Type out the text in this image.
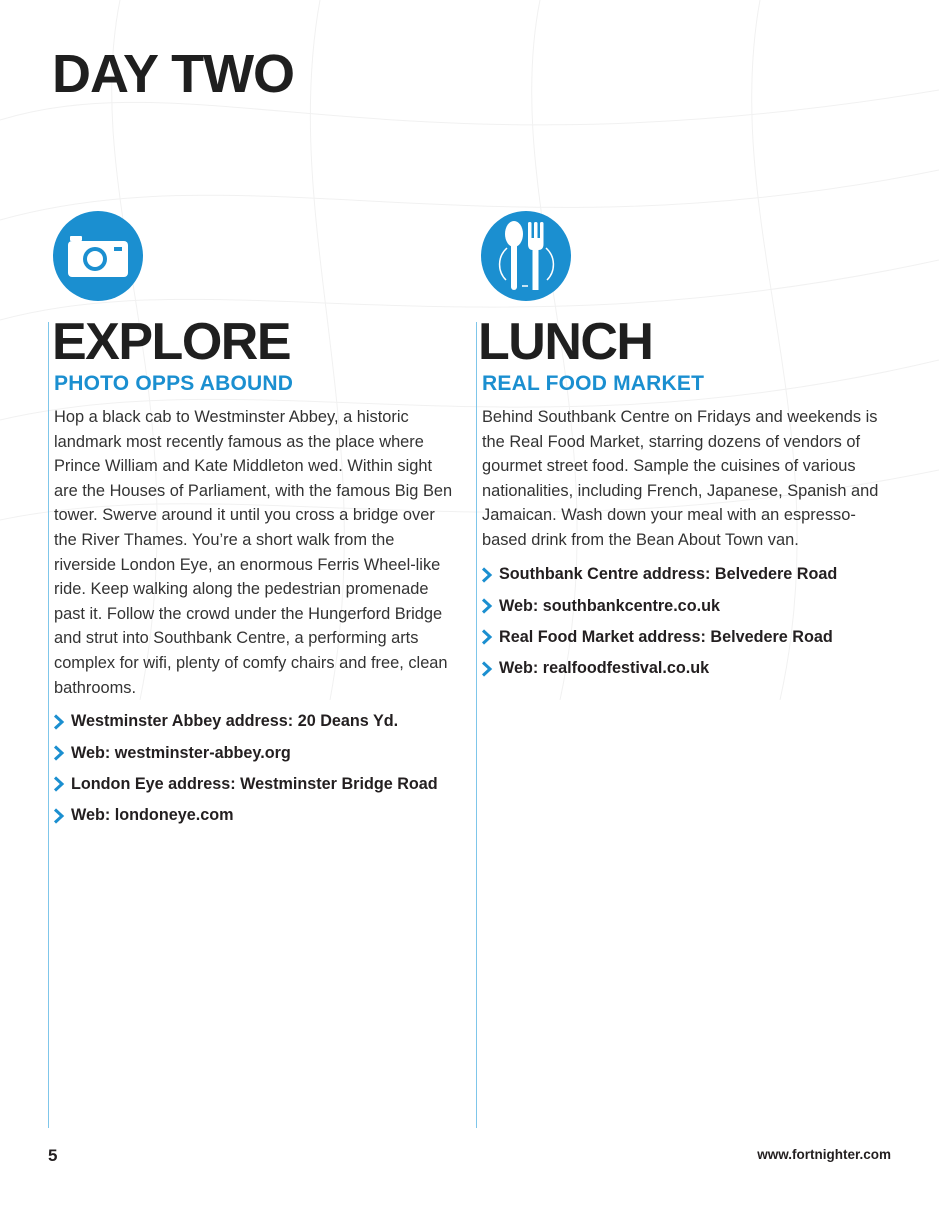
DAY TWO
EXPLORE
PHOTO OPPS ABOUND

Hop a black cab to Westminster Abbey, a historic landmark most recently famous as the place where Prince William and Kate Middleton wed. Within sight are the Houses of Parliament, with the famous Big Ben tower. Swerve around it until you cross a bridge over the River Thames. You’re a short walk from the riverside London Eye, an enormous Ferris Wheel-like ride. Keep walking along the pedestrian promenade past it. Follow the crowd under the Hungerford Bridge and strut into Southbank Centre, a performing arts complex for wifi, plenty of comfy chairs and free, clean bathrooms.

Westminster Abbey address: 20 Deans Yd.
Web: westminster-abbey.org
London Eye address: Westminster Bridge Road
Web: londoneye.com
LUNCH
REAL FOOD MARKET

Behind Southbank Centre on Fridays and weekends is the Real Food Market, starring dozens of vendors of gourmet street food. Sample the cuisines of various nationalities, including French, Japanese, Spanish and Jamaican. Wash down your meal with an espresso-based drink from the Bean About Town van.

Southbank Centre address: Belvedere Road
Web: southbankcentre.co.uk
Real Food Market address: Belvedere Road
Web: realfoodfestival.co.uk
5	www.fortnighter.com
